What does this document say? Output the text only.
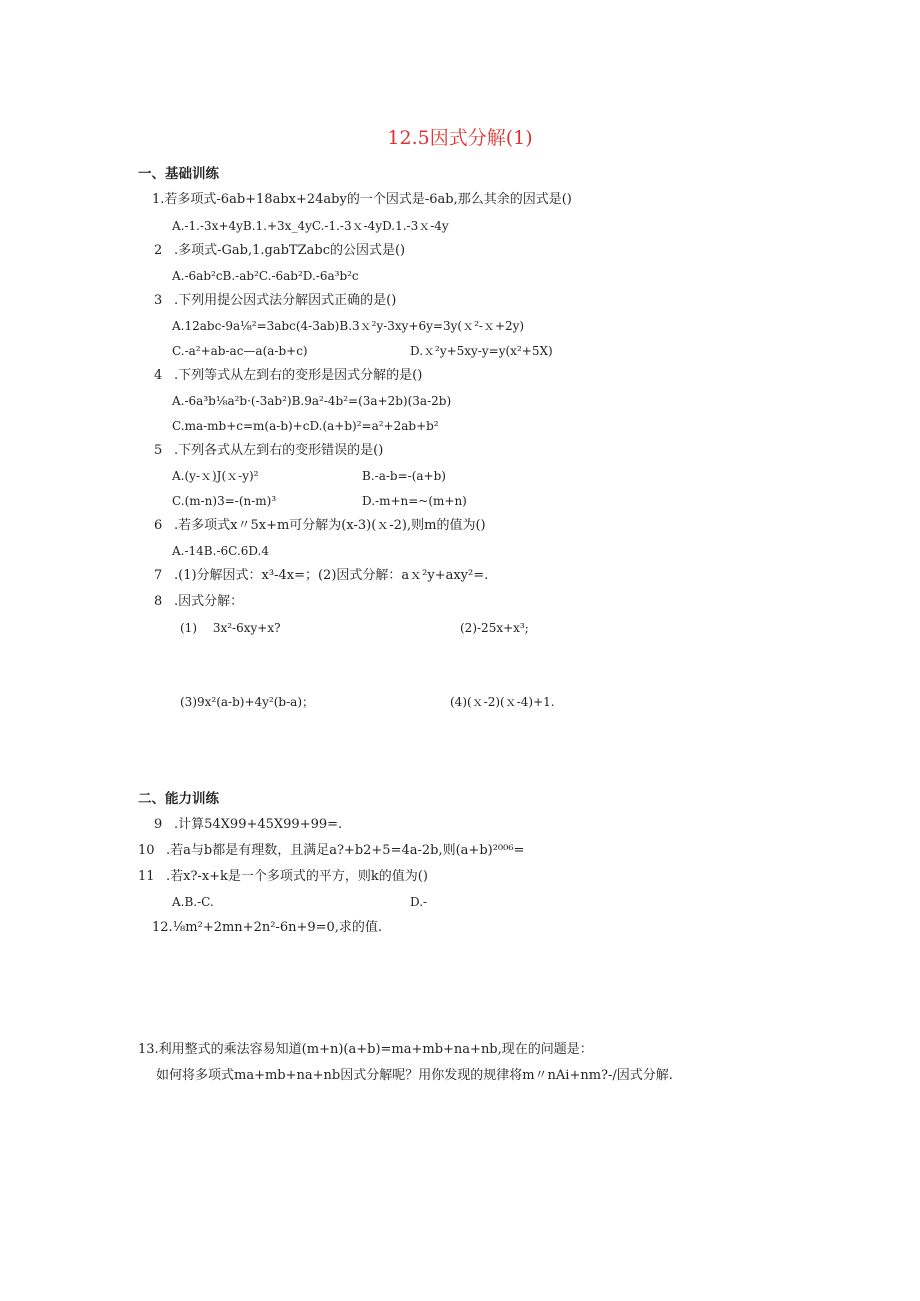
12.5因式分解(1)
一、基础训练
1.若多项式-6ab+18abx+24aby的一个因式是-6ab,那么其余的因式是()
A.-1.-3x+4yB.1.+3x_4yC.-1.-3ｘ-4yD.1.-3ｘ-4y
2 .多项式-Gab,1.gabTZabc的公因式是()
A.-6ab²cB.-ab²C.-6ab²D.-6a³b²c
3 .下列用提公因式法分解因式正确的是()
A.12abc-9a⅛²=3abc(4-3ab)B.3ｘ²y-3xy+6y=3y(ｘ²-ｘ+2y)
C.-a²+ab-ac—a(a-b+c)	D.ｘ²y+5xy-y=y(x²+5X)
4 .下列等式从左到右的变形是因式分解的是()
A.-6a³b⅛a²b·(-3ab²)B.9a²-4b²=(3a+2b)(3a-2b)
C.ma-mb+c=m(a-b)+cD.(a+b)²=a²+2ab+b²
5 .下列各式从左到右的变形错误的是()
A.(y-ｘ)J(ｘ-y)²	B.-a-b=-(a+b)
C.(m-n)3=-(n-m)³	D.-m+n=~(m+n)
6 .若多项式x〃5x+m可分解为(x-3)(ｘ-2),则m的值为()
A.-14B.-6C.6D.4
7 .(1)分解因式：x³-4x=；(2)因式分解：aｘ²y+axy²=.
8 .因式分解：
(1)　 3x²-6xy+x?	(2)-25x+x³;
(3)9x²(a-b)+4y²(b-a)；	(4)(ｘ-2)(ｘ-4)+1.
二、能力训练
9 .计算54X99+45X99+99=.
10 .若a与b都是有理数，且满足a?+b2+5=4a-2b,则(a+b)²⁰⁰⁶=
11 .若x?-x+k是一个多项式的平方，则k的值为()
A.B.-C.	D.-
12.⅛m²+2mn+2n²-6n+9=0,求的值.
13.利用整式的乘法容易知道(m+n)(a+b)=ma+mb+na+nb,现在的问题是：
如何将多项式ma+mb+na+nb因式分解呢？用你发现的规律将m〃nAi+nm?-/因式分解.
